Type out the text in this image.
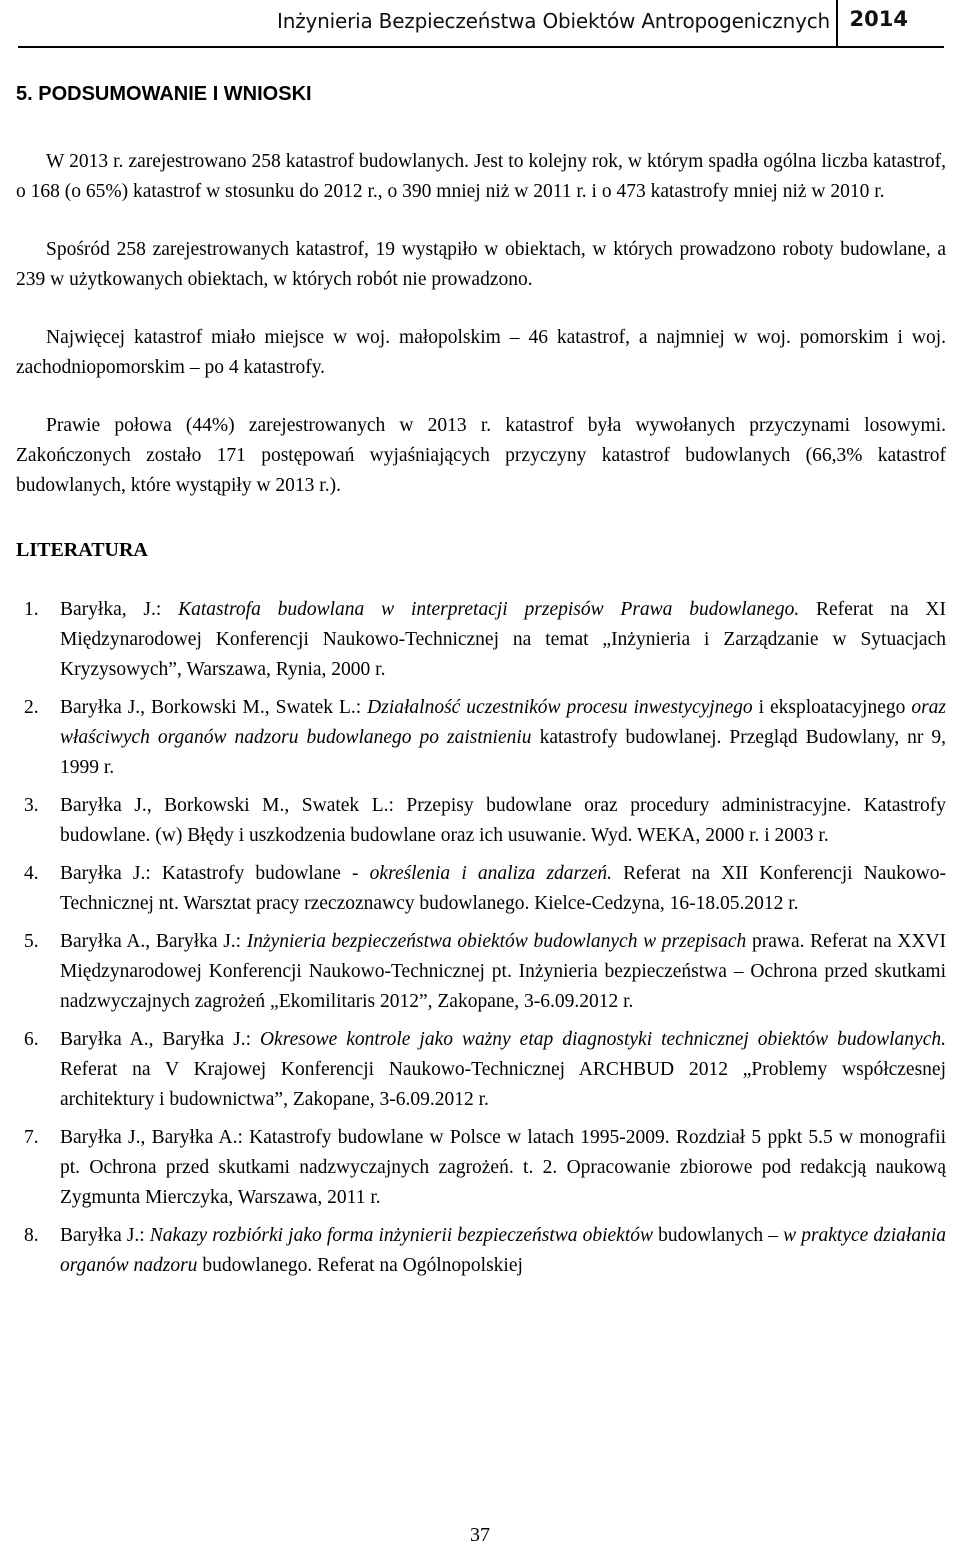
Inżynieria Bezpieczeństwa Obiektów Antropogenicznych 2014
5. PODSUMOWANIE I WNIOSKI

W 2013 r. zarejestrowano 258 katastrof budowlanych. Jest to kolejny rok, w którym spadła ogólna liczba katastrof, o 168 (o 65%) katastrof w stosunku do 2012 r., o 390 mniej niż w 2011 r. i o 473 katastrofy mniej niż w 2010 r.

Spośród 258 zarejestrowanych katastrof, 19 wystąpiło w obiektach, w których prowadzono roboty budowlane, a 239 w użytkowanych obiektach, w których robót nie prowadzono.

Najwięcej katastrof miało miejsce w woj. małopolskim – 46 katastrof, a najmniej w woj. pomorskim i woj. zachodniopomorskim – po 4 katastrofy.

Prawie połowa (44%) zarejestrowanych w 2013 r. katastrof była wywołanych przyczynami losowymi. Zakończonych zostało 171 postępowań wyjaśniających przyczyny katastrof budowlanych (66,3% katastrof budowlanych, które wystąpiły w 2013 r.).

LITERATURA
1. Baryłka, J.: Katastrofa budowlana w interpretacji przepisów Prawa budowlanego. Referat na XI Międzynarodowej Konferencji Naukowo-Technicznej na temat „Inżynieria i Zarządzanie w Sytuacjach Kryzysowych”, Warszawa, Rynia, 2000 r.
2. Baryłka J., Borkowski M., Swatek L.: Działalność uczestników procesu inwestycyjnego i eksploatacyjnego oraz właściwych organów nadzoru budowlanego po zaistnieniu katastrofy budowlanej. Przegląd Budowlany, nr 9, 1999 r.
3. Baryłka J., Borkowski M., Swatek L.: Przepisy budowlane oraz procedury administracyjne. Katastrofy budowlane. (w) Błędy i uszkodzenia budowlane oraz ich usuwanie. Wyd. WEKA, 2000 r. i 2003 r.
4. Baryłka J.: Katastrofy budowlane - określenia i analiza zdarzeń. Referat na XII Konferencji Naukowo-Technicznej nt. Warsztat pracy rzeczoznawcy budowlanego. Kielce-Cedzyna, 16-18.05.2012 r.
5. Baryłka A., Baryłka J.: Inżynieria bezpieczeństwa obiektów budowlanych w przepisach prawa. Referat na XXVI Międzynarodowej Konferencji Naukowo-Technicznej pt. Inżynieria bezpieczeństwa – Ochrona przed skutkami nadzwyczajnych zagrożeń „Ekomilitaris 2012”, Zakopane, 3-6.09.2012 r.
6. Baryłka A., Baryłka J.: Okresowe kontrole jako ważny etap diagnostyki technicznej obiektów budowlanych. Referat na V Krajowej Konferencji Naukowo-Technicznej ARCHBUD 2012 „Problemy współczesnej architektury i budownictwa”, Zakopane, 3-6.09.2012 r.
7. Baryłka J., Baryłka A.: Katastrofy budowlane w Polsce w latach 1995-2009. Rozdział 5 ppkt 5.5 w monografii pt. Ochrona przed skutkami nadzwyczajnych zagrożeń. t. 2. Opracowanie zbiorowe pod redakcją naukową Zygmunta Mierczyka, Warszawa, 2011 r.
8. Baryłka J.: Nakazy rozbiórki jako forma inżynierii bezpieczeństwa obiektów budowlanych – w praktyce działania organów nadzoru budowlanego. Referat na Ogólnopolskiej
37
